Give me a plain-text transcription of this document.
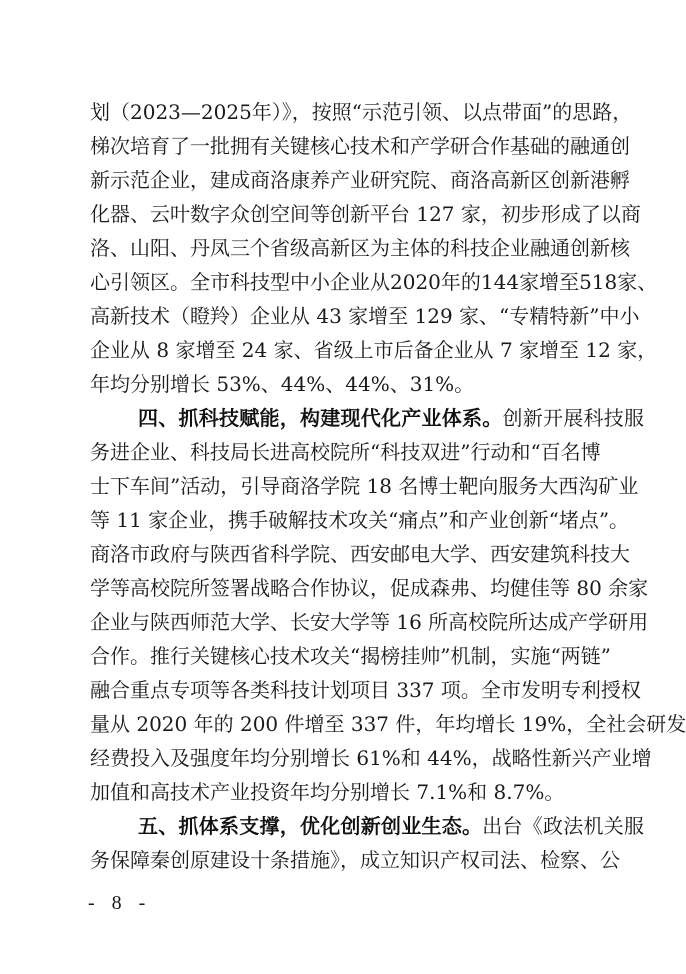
划（2023—2025年）》，按照“示范引领、以点带面”的思路，
梯次培育了一批拥有关键核心技术和产学研合作基础的融通创
新示范企业，建成商洛康养产业研究院、商洛高新区创新港孵
化器、云叶数字众创空间等创新平台 127 家，初步形成了以商
洛、山阳、丹凤三个省级高新区为主体的科技企业融通创新核
心引领区。全市科技型中小企业从2020年的144家增至518家、
高新技术（瞪羚）企业从 43 家增至 129 家、“专精特新”中小
企业从 8 家增至 24 家、省级上市后备企业从 7 家增至 12 家，
年均分别增长 53%、44%、44%、31%。
四、抓科技赋能，构建现代化产业体系。创新开展科技服
务进企业、科技局长进高校院所“科技双进”行动和“百名博
士下车间”活动，引导商洛学院 18 名博士靶向服务大西沟矿业
等 11 家企业，携手破解技术攻关“痛点”和产业创新“堵点”。
商洛市政府与陕西省科学院、西安邮电大学、西安建筑科技大
学等高校院所签署战略合作协议，促成森弗、均健佳等 80 余家
企业与陕西师范大学、长安大学等 16 所高校院所达成产学研用
合作。推行关键核心技术攻关“揭榜挂帅”机制，实施“两链”
融合重点专项等各类科技计划项目 337 项。全市发明专利授权
量从 2020 年的 200 件增至 337 件，年均增长 19%，全社会研发
经费投入及强度年均分别增长 61%和 44%，战略性新兴产业增
加值和高技术产业投资年均分别增长 7.1%和 8.7%。
五、抓体系支撑，优化创新创业生态。出台《政法机关服
务保障秦创原建设十条措施》，成立知识产权司法、检察、公
- 8 -
